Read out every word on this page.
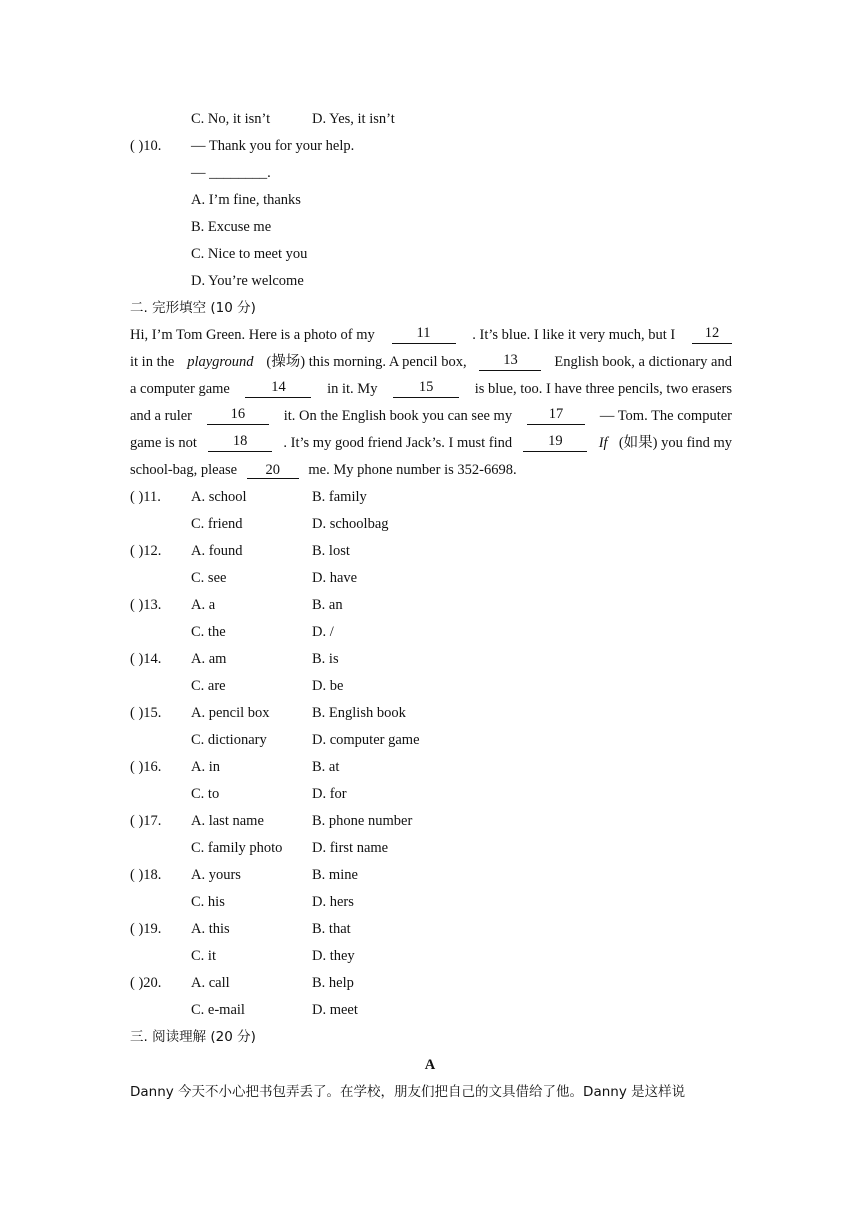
C. No, it isn’t	D. Yes, it isn’t
( )10. — Thank you for your help.
— ________.
A. I’m fine, thanks
B. Excuse me
C. Nice to meet you
D. You’re welcome
二. 完形填空 (10 分)
Hi, I’m Tom Green. Here is a photo of my	11	. It’s blue. I like it very much, but I	12
it in the playground (操场) this morning. A pencil box,	13	English book, a dictionary and
a computer game	14	in it. My	15	is blue, too. I have three pencils, two erasers
and a ruler	16	it. On the English book you can see my	17	— Tom. The computer
game is not	18	. It’s my good friend Jack’s. I must find	19	If (如果) you find my
school-bag, please 20 me. My phone number is 352-6698.
( )11. A. school	B. family
C. friend	D. schoolbag
( )12. A. found	B. lost
C. see	D. have
( )13. A. a	B. an
C. the	D. /
( )14. A. am	B. is
C. are	D. be
( )15. A. pencil box	B. English book
C. dictionary	D. computer game
( )16. A. in	B. at
C. to	D. for
( )17. A. last name	B. phone number
C. family photo D. first name
( )18. A. yours	B. mine
C. his	D. hers
( )19. A. this	B. that
C. it	D. they
( )20. A. call	B. help
C. e-mail	D. meet
三. 阅读理解 (20 分)
A
Danny 今天不小心把书包弄丢了。在学校，朋友们把自己的文具借给了他。Danny 是这样说
